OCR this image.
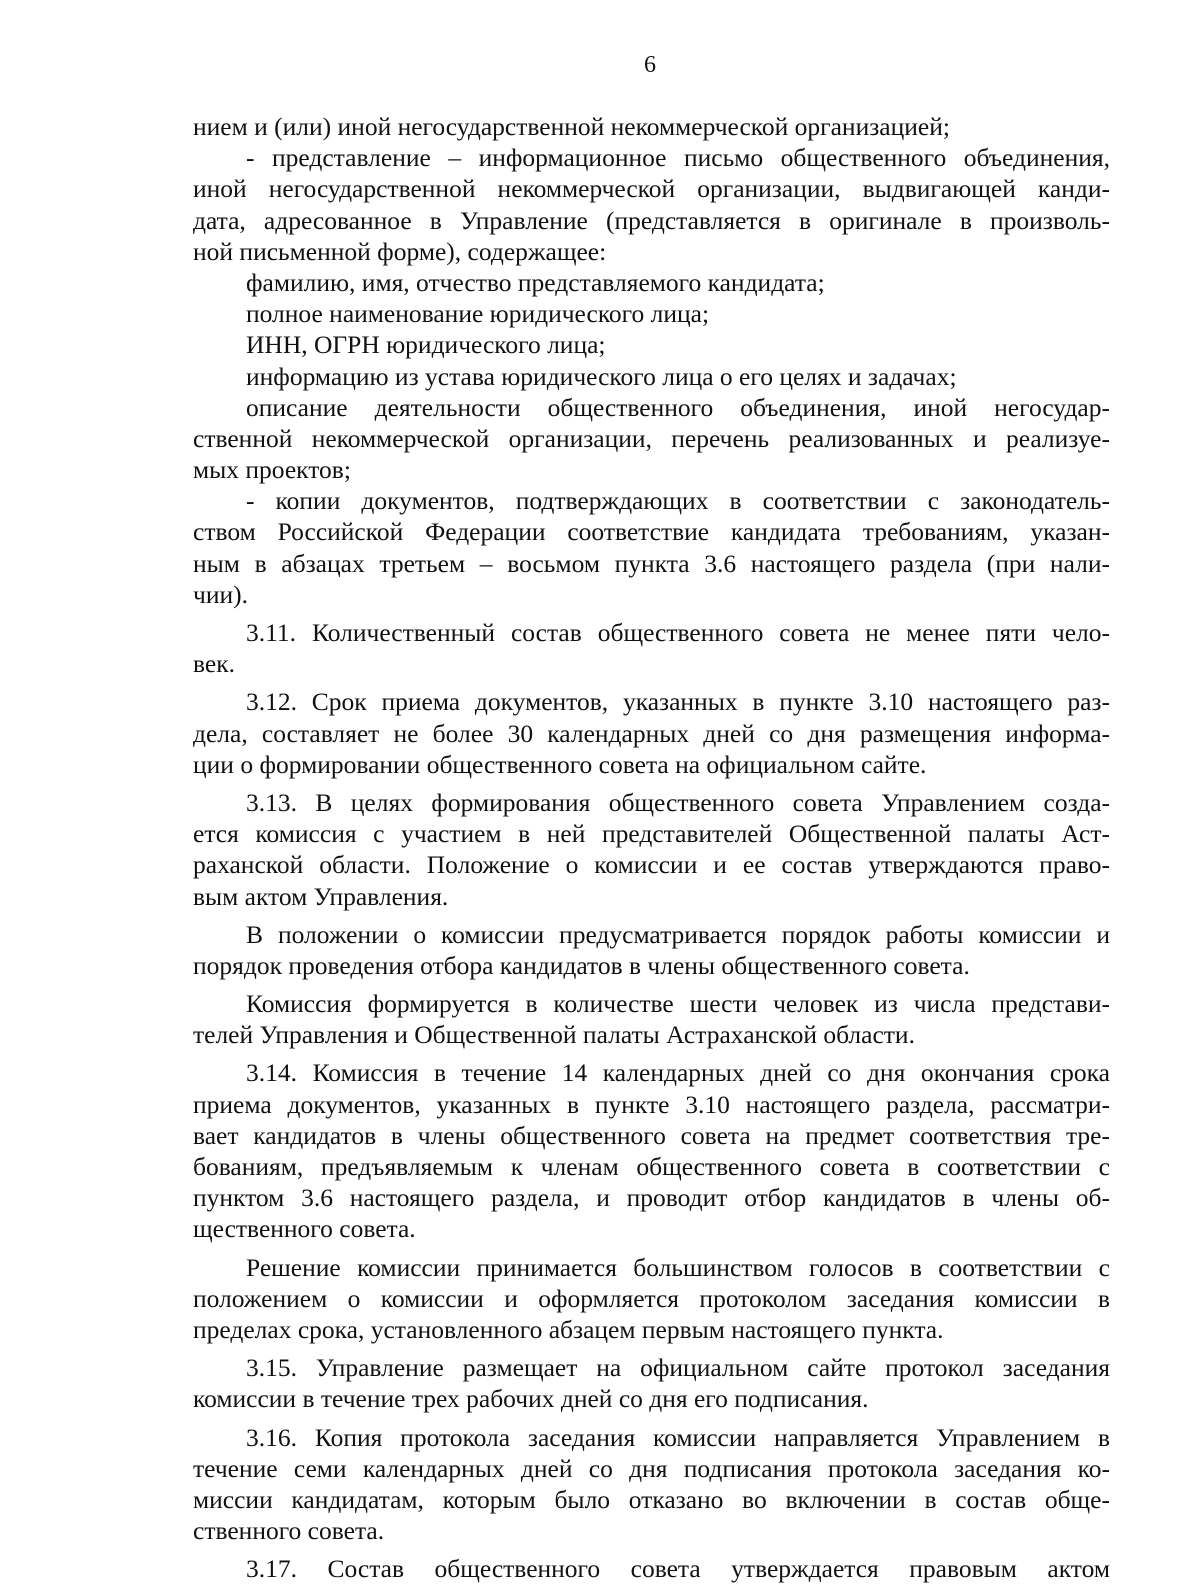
6
нием и (или) иной негосударственной некоммерческой организацией;
- представление – информационное письмо общественного объединения,
иной негосударственной некоммерческой организации, выдвигающей канди-
дата, адресованное в Управление (представляется в оригинале в произволь-
ной письменной форме), содержащее:
фамилию, имя, отчество представляемого кандидата;
полное наименование юридического лица;
ИНН, ОГРН юридического лица;
информацию из устава юридического лица о его целях и задачах;
описание деятельности общественного объединения, иной негосудар-
ственной некоммерческой организации, перечень реализованных и реализуе-
мых проектов;
- копии документов, подтверждающих в соответствии с законодатель-
ством Российской Федерации соответствие кандидата требованиям, указан-
ным в абзацах третьем – восьмом пункта 3.6 настоящего раздела (при нали-
чии).
3.11. Количественный состав общественного совета не менее пяти чело-
век.
3.12. Срок приема документов, указанных в пункте 3.10 настоящего раз-
дела, составляет не более 30 календарных дней со дня размещения информа-
ции о формировании общественного совета на официальном сайте.
3.13. В целях формирования общественного совета Управлением созда-
ется комиссия с участием в ней представителей Общественной палаты Аст-
раханской области. Положение о комиссии и ее состав утверждаются право-
вым актом Управления.
В положении о комиссии предусматривается порядок работы комиссии и
порядок проведения отбора кандидатов в члены общественного совета.
Комиссия формируется в количестве шести человек из числа представи-
телей Управления и Общественной палаты Астраханской области.
3.14. Комиссия в течение 14 календарных дней со дня окончания срока
приема документов, указанных в пункте 3.10 настоящего раздела, рассматри-
вает кандидатов в члены общественного совета на предмет соответствия тре-
бованиям, предъявляемым к членам общественного совета в соответствии с
пунктом 3.6 настоящего раздела, и проводит отбор кандидатов в члены об-
щественного совета.
Решение комиссии принимается большинством голосов в соответствии с
положением о комиссии и оформляется протоколом заседания комиссии в
пределах срока, установленного абзацем первым настоящего пункта.
3.15. Управление размещает на официальном сайте протокол заседания
комиссии в течение трех рабочих дней со дня его подписания.
3.16. Копия протокола заседания комиссии направляется Управлением в
течение семи календарных дней со дня подписания протокола заседания ко-
миссии кандидатам, которым было отказано во включении в состав обще-
ственного совета.
3.17. Состав общественного совета утверждается правовым актом
